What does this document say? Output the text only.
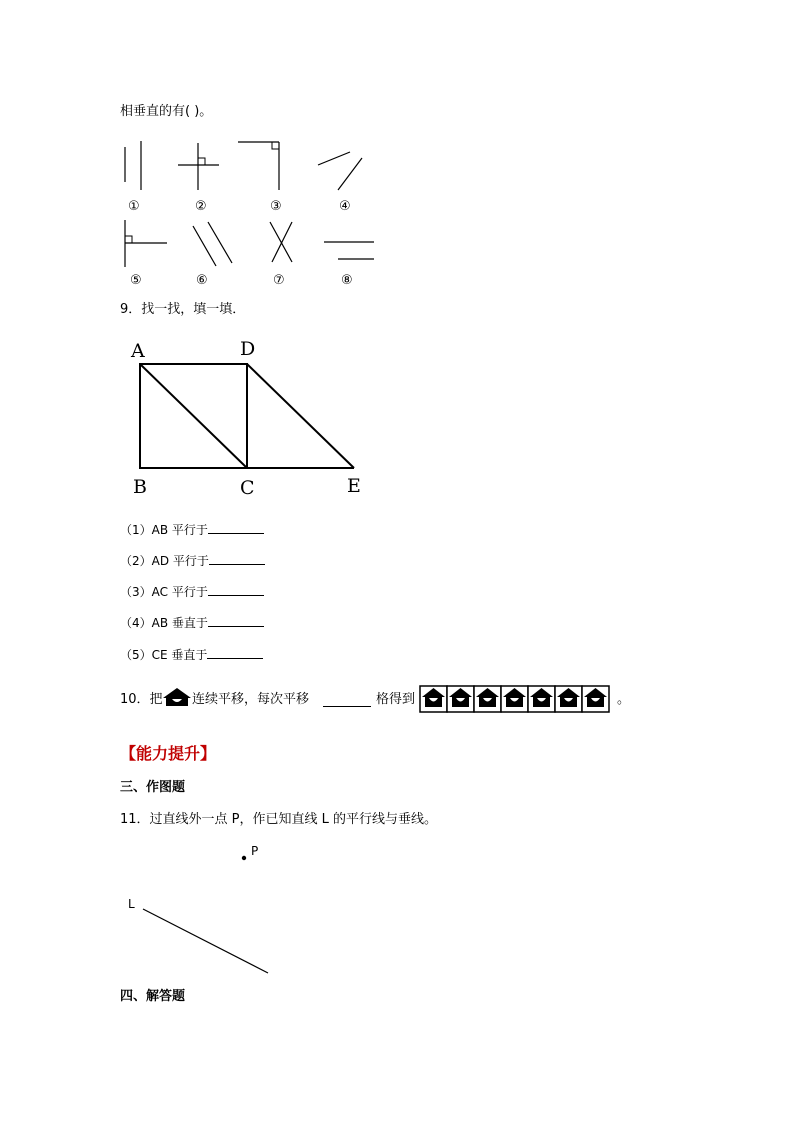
相垂直的有( )。
①	②	③	④
⑤	⑥	⑦	⑧
9．找一找，填一填．
A	D
B	C	E
（1）AB 平行于
（2）AD 平行于
（3）AC 平行于
（4）AB 垂直于
（5）CE 垂直于
10．把 连续平移，每次平移	格得到	。
【能力提升】
三、作图题
11．过直线外一点 P，作已知直线 L 的平行线与垂线。
P
L
四、解答题
